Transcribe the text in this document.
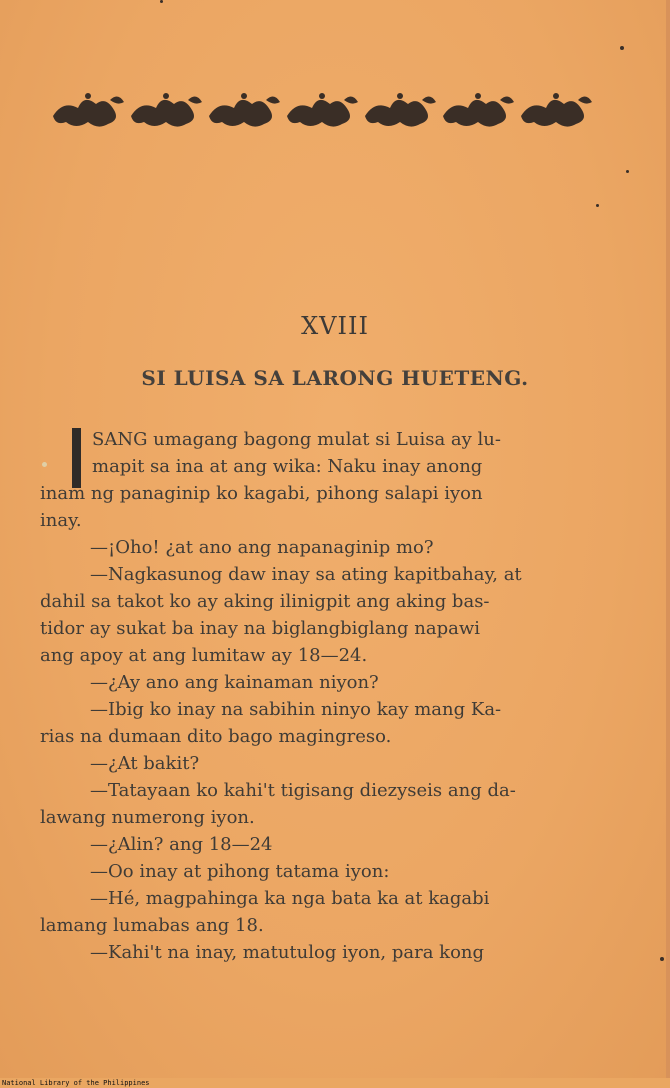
XVIII
SI LUISA SA LARONG HUETENG.
SANG umagang bagong mulat si Luisa ay lu-
mapit sa ina at ang wika: Naku inay anong
inam ng panaginip ko kagabi, pihong salapi iyon
inay.
—¡Oho! ¿at ano ang napanaginip mo?
—Nagkasunog daw inay sa ating kapitbahay, at
dahil sa takot ko ay aking ilinigpit ang aking bas-
tidor ay sukat ba inay na biglangbiglang napawi
ang apoy at ang lumitaw ay 18—24.
—¿Ay ano ang kainaman niyon?
—Ibig ko inay na sabihin ninyo kay mang Ka-
rias na dumaan dito bago magingreso.
—¿At bakit?
—Tatayaan ko kahi't tigisang diezyseis ang da-
lawang numerong iyon.
—¿Alin? ang 18—24
—Oo inay at pihong tatama iyon:
—Hé, magpahinga ka nga bata ka at kagabi
lamang lumabas ang 18.
—Kahi't na inay, matutulog iyon, para kong
National Library of the Philippines
